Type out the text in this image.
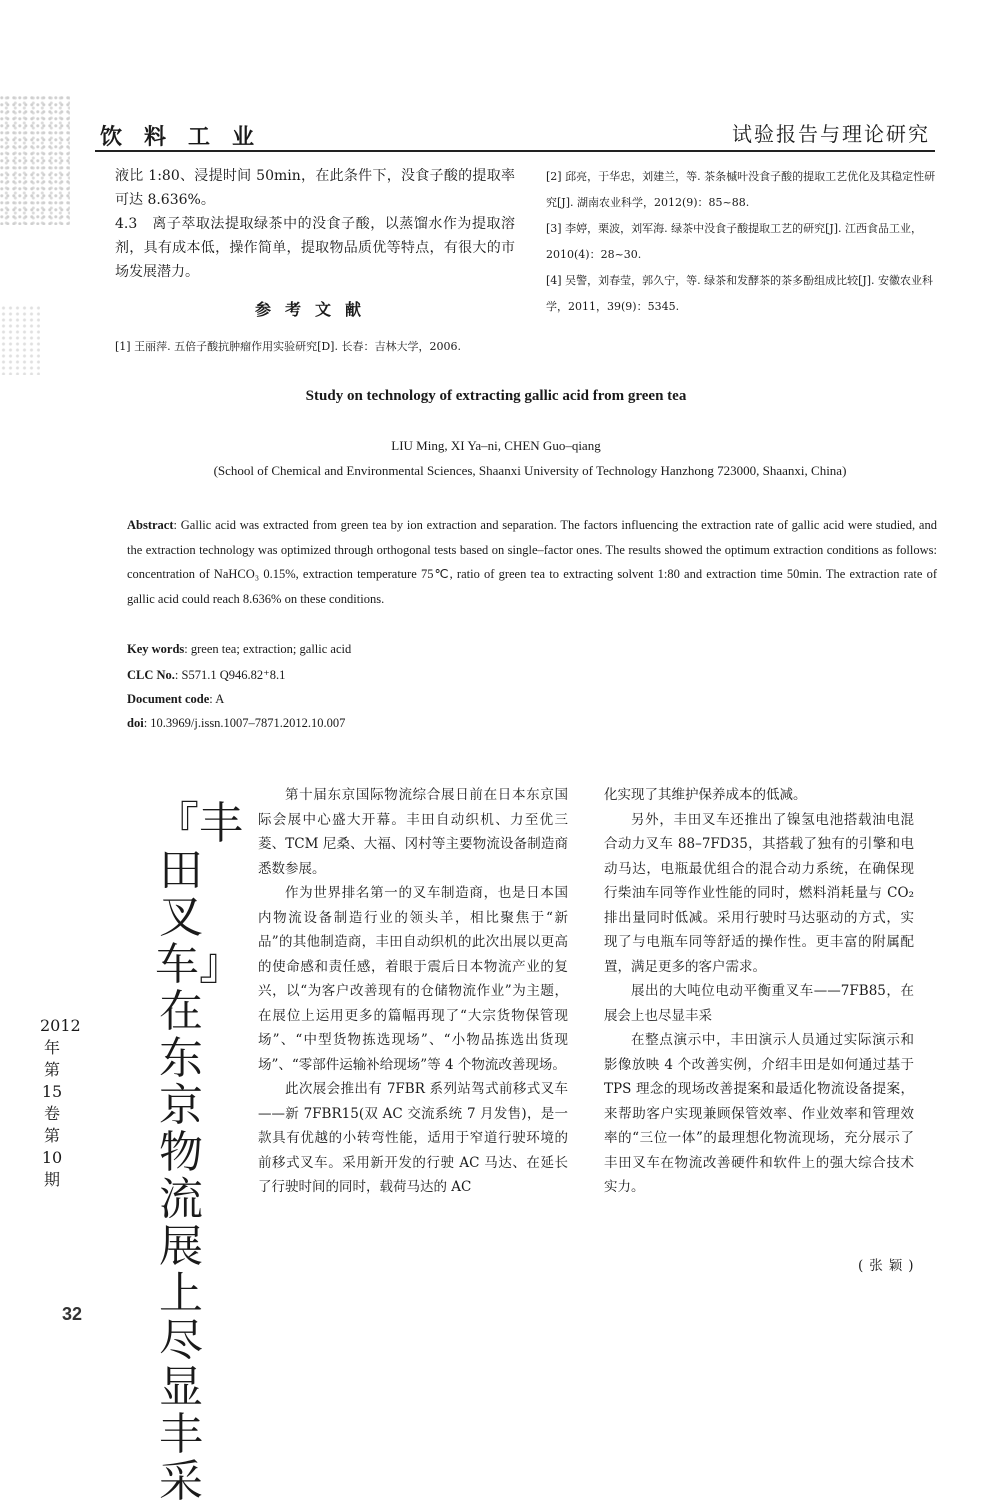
饮料工业	试验报告与理论研究

液比 1:80、浸提时间 50min，在此条件下，没食子酸的提取率可达 8.636%。

4.3　离子萃取法提取绿茶中的没食子酸，以蒸馏水作为提取溶剂，具有成本低，操作简单，提取物品质优等特点，有很大的市场发展潜力。

参考文献
[1] 王丽萍. 五倍子酸抗肿瘤作用实验研究[D]. 长春：吉林大学，2006.
[2] 邱亮，于华忠，刘建兰，等. 茶条槭叶没食子酸的提取工艺优化及其稳定性研究[J]. 湖南农业科学，2012(9)：85~88.
[3] 李婷，栗波，刘军海. 绿茶中没食子酸提取工艺的研究[J]. 江西食品工业，2010(4)：28~30.
[4] 吴警，刘春莹，郭久宁，等. 绿茶和发酵茶的茶多酚组成比较[J]. 安徽农业科学，2011，39(9)：5345.
Study on technology of extracting gallic acid from green tea
LIU Ming, XI Ya–ni, CHEN Guo–qiang
(School of Chemical and Environmental Sciences, Shaanxi University of Technology Hanzhong 723000, Shaanxi, China)
Abstract: Gallic acid was extracted from green tea by ion extraction and separation. The factors influencing the extraction rate of gallic acid were studied, and the extraction technology was optimized through orthogonal tests based on single–factor ones. The results showed the optimum extraction conditions as follows: concentration of NaHCO₃ 0.15%, extraction temperature 75℃, ratio of green tea to extracting solvent 1:80 and extraction time 50min. The extraction rate of gallic acid could reach 8.636% on these conditions.
Key words: green tea; extraction; gallic acid
CLC No.: S571.1 Q946.82⁺8.1
Document code: A
doi: 10.3969/j.issn.1007–7871.2012.10.007
『丰田叉车』在东京物流展上尽显丰采
2012年第15卷第10期

第十届东京国际物流综合展日前在日本东京国际会展中心盛大开幕。丰田自动织机、力至优三菱、TCM 尼桑、大福、冈村等主要物流设备制造商悉数参展。

作为世界排名第一的叉车制造商，也是日本国内物流设备制造行业的领头羊，相比聚焦于“新品”的其他制造商，丰田自动织机的此次出展以更高的使命感和责任感，着眼于震后日本物流产业的复兴，以“为客户改善现有的仓储物流作业”为主题，在展位上运用更多的篇幅再现了“大宗货物保管现场”、“中型货物拣选现场”、“小物品拣选出货现场”、“零部件运输补给现场”等 4 个物流改善现场。

此次展会推出有 7FBR 系列站驾式前移式叉车——新 7FBR15(双 AC 交流系统 7 月发售)，是一款具有优越的小转弯性能，适用于窄道行驶环境的前移式叉车。采用新开发的行驶 AC 马达、在延长了行驶时间的同时，载荷马达的 AC

化实现了其维护保养成本的低减。

另外，丰田叉车还推出了镍氢电池搭载油电混合动力叉车 88–7FD35，其搭载了独有的引擎和电动马达，电瓶最优组合的混合动力系统，在确保现行柴油车同等作业性能的同时，燃料消耗量与 CO₂ 排出量同时低减。采用行驶时马达驱动的方式，实现了与电瓶车同等舒适的操作性。更丰富的附属配置，满足更多的客户需求。

展出的大吨位电动平衡重叉车——7FB85，在展会上也尽显丰采

在整点演示中，丰田演示人员通过实际演示和影像放映 4 个改善实例，介绍丰田是如何通过基于 TPS 理念的现场改善提案和最适化物流设备提案，来帮助客户实现兼顾保管效率、作业效率和管理效率的“三位一体”的最理想化物流现场，充分展示了丰田叉车在物流改善硬件和软件上的强大综合技术实力。

(张颖)
32
